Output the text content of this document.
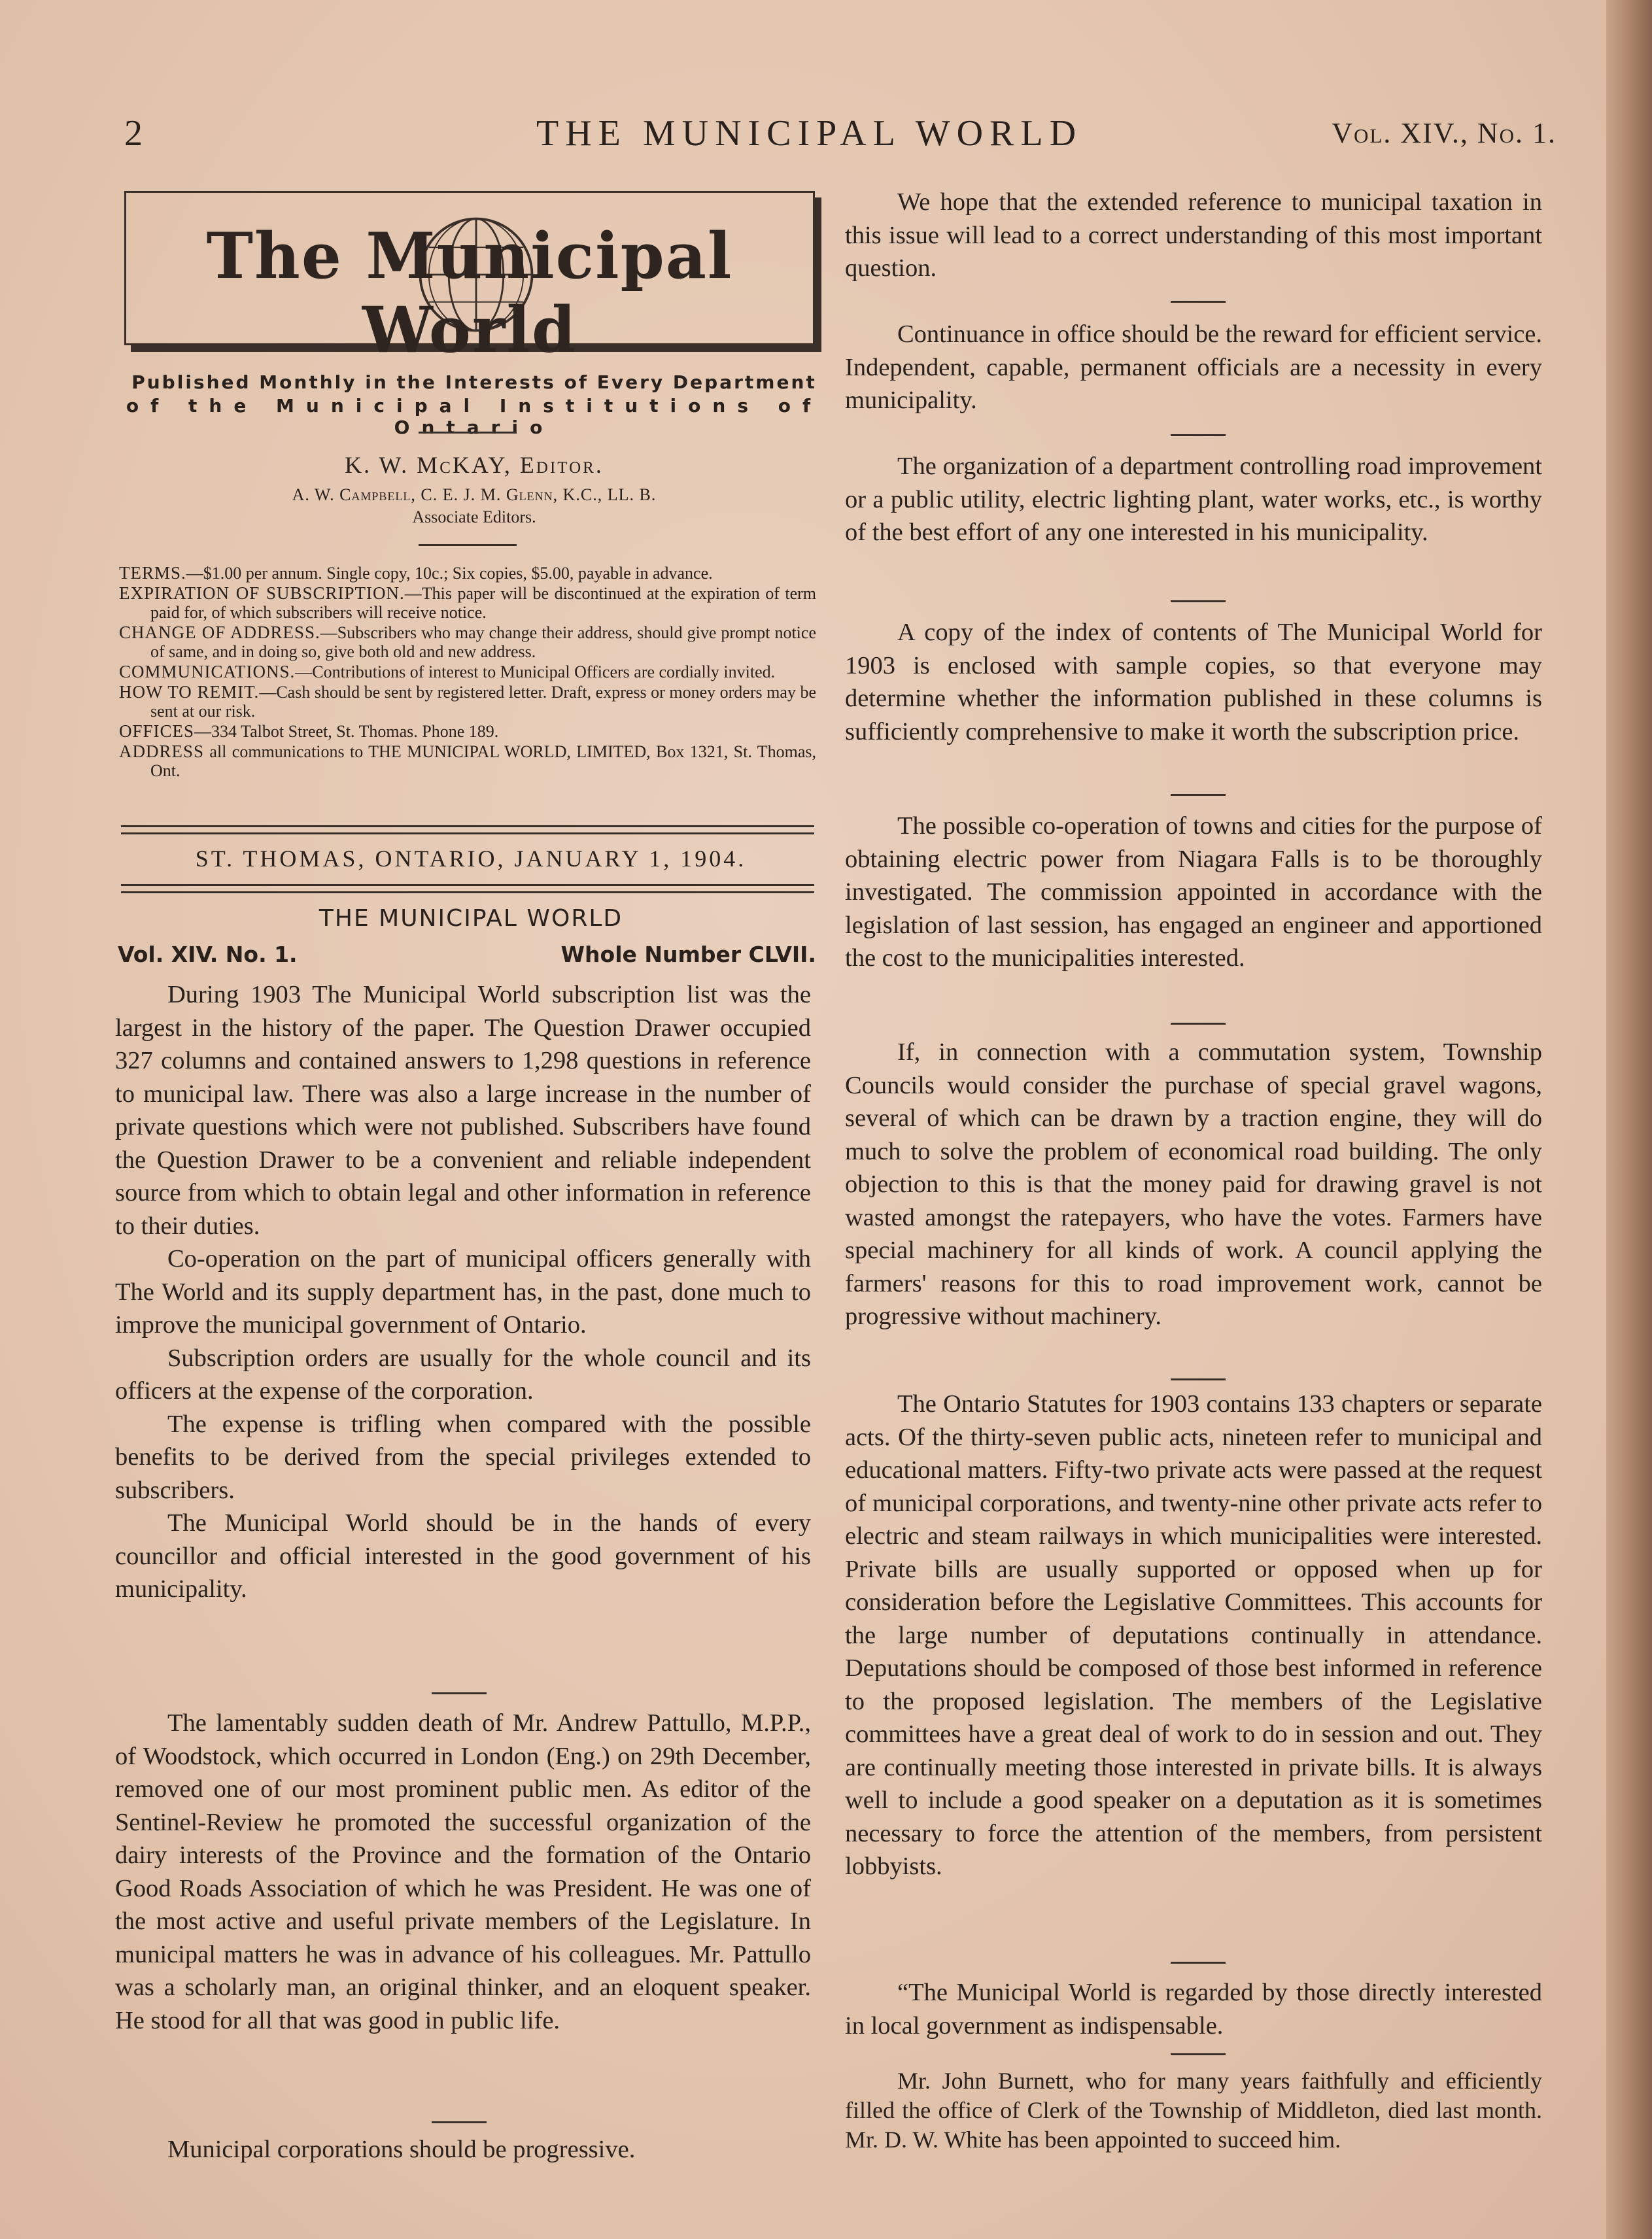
2	THE MUNICIPAL WORLD	Vol. XIV., No. 1.
The Municipal World
Published Monthly in the Interests of Every Department
of the Municipal Institutions of Ontario
K. W. McKAY, Editor.
A. W. Campbell, C. E. J. M. Glenn, K.C., LL. B.
Associate Editors.

TERMS.—$1.00 per annum. Single copy, 10c.; Six copies, $5.00, payable in advance.

EXPIRATION OF SUBSCRIPTION.—This paper will be discontinued at the expiration of term paid for, of which subscribers will receive notice.

CHANGE OF ADDRESS.—Subscribers who may change their address, should give prompt notice of same, and in doing so, give both old and new address.

COMMUNICATIONS.—Contributions of interest to Municipal Officers are cordially invited.

HOW TO REMIT.—Cash should be sent by registered letter. Draft, express or money orders may be sent at our risk.

OFFICES—334 Talbot Street, St. Thomas. Phone 189.

ADDRESS all communications to THE MUNICIPAL WORLD, LIMITED, Box 1321, St. Thomas, Ont.

ST. THOMAS, ONTARIO, JANUARY 1, 1904.
THE MUNICIPAL WORLD
Vol. XIV. No. 1.	Whole Number CLVII.

During 1903 The Municipal World subscription list was the largest in the history of the paper. The Question Drawer occupied 327 columns and contained answers to 1,298 questions in reference to municipal law. There was also a large increase in the number of private questions which were not published. Subscribers have found the Question Drawer to be a convenient and reliable independent source from which to obtain legal and other information in reference to their duties.

Co-operation on the part of municipal officers generally with The World and its supply department has, in the past, done much to improve the municipal government of Ontario.

Subscription orders are usually for the whole council and its officers at the expense of the corporation.

The expense is trifling when compared with the possible benefits to be derived from the special privileges extended to subscribers.

The Municipal World should be in the hands of every councillor and official interested in the good government of his municipality.

The lamentably sudden death of Mr. Andrew Pattullo, M.P.P., of Woodstock, which occurred in London (Eng.) on 29th December, removed one of our most prominent public men. As editor of the Sentinel-Review he promoted the successful organization of the dairy interests of the Province and the formation of the Ontario Good Roads Association of which he was President. He was one of the most active and useful private members of the Legislature. In municipal matters he was in advance of his colleagues. Mr. Pattullo was a scholarly man, an original thinker, and an eloquent speaker. He stood for all that was good in public life.

Municipal corporations should be progressive.

We hope that the extended reference to municipal taxation in this issue will lead to a correct understanding of this most important question.

Continuance in office should be the reward for efficient service. Independent, capable, permanent officials are a necessity in every municipality.

The organization of a department controlling road improvement or a public utility, electric lighting plant, water works, etc., is worthy of the best effort of any one interested in his municipality.

A copy of the index of contents of The Municipal World for 1903 is enclosed with sample copies, so that everyone may determine whether the information published in these columns is sufficiently comprehensive to make it worth the subscription price.

The possible co-operation of towns and cities for the purpose of obtaining electric power from Niagara Falls is to be thoroughly investigated. The commission appointed in accordance with the legislation of last session, has engaged an engineer and apportioned the cost to the municipalities interested.

If, in connection with a commutation system, Township Councils would consider the purchase of special gravel wagons, several of which can be drawn by a traction engine, they will do much to solve the problem of economical road building. The only objection to this is that the money paid for drawing gravel is not wasted amongst the ratepayers, who have the votes. Farmers have special machinery for all kinds of work. A council applying the farmers' reasons for this to road improvement work, cannot be progressive without machinery.

The Ontario Statutes for 1903 contains 133 chapters or separate acts. Of the thirty-seven public acts, nineteen refer to municipal and educational matters. Fifty-two private acts were passed at the request of municipal corporations, and twenty-nine other private acts refer to electric and steam railways in which municipalities were interested. Private bills are usually supported or opposed when up for consideration before the Legislative Committees. This accounts for the large number of deputations continually in attendance. Deputations should be composed of those best informed in reference to the proposed legislation. The members of the Legislative committees have a great deal of work to do in session and out. They are continually meeting those interested in private bills. It is always well to include a good speaker on a deputation as it is sometimes necessary to force the attention of the members, from persistent lobbyists.

“The Municipal World is regarded by those directly interested in local government as indispensable.

Mr. John Burnett, who for many years faithfully and efficiently filled the office of Clerk of the Township of Middleton, died last month. Mr. D. W. White has been appointed to succeed him.
